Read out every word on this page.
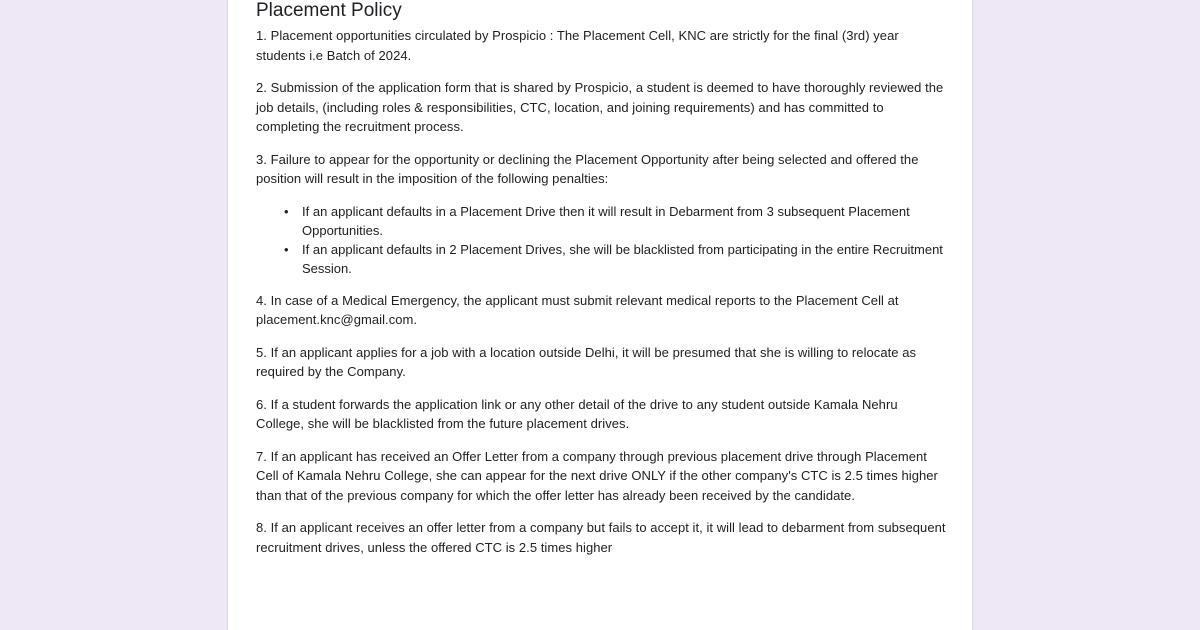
Placement Policy

1. Placement opportunities circulated by Prospicio : The Placement Cell, KNC are strictly for the final (3rd) year students i.e Batch of 2024.

2. Submission of the application form that is shared by Prospicio, a student is deemed to have thoroughly reviewed the job details, (including roles & responsibilities, CTC, location, and joining requirements) and has committed to completing the recruitment process.

3. Failure to appear for the opportunity or declining the Placement Opportunity after being selected and offered the position will result in the imposition of the following penalties:

• If an applicant defaults in a Placement Drive then it will result in Debarment from 3 subsequent Placement Opportunities.
• If an applicant defaults in 2 Placement Drives, she will be blacklisted from participating in the entire Recruitment Session.

4. In case of a Medical Emergency, the applicant must submit relevant medical reports to the Placement Cell at placement.knc@gmail.com.

5. If an applicant applies for a job with a location outside Delhi, it will be presumed that she is willing to relocate as required by the Company.

6. If a student forwards the application link or any other detail of the drive to any student outside Kamala Nehru College, she will be blacklisted from the future placement drives.

7. If an applicant has received an Offer Letter from a company through previous placement drive through Placement Cell of Kamala Nehru College, she can appear for the next drive ONLY if the other company's CTC is 2.5 times higher than that of the previous company for which the offer letter has already been received by the candidate.

8. If an applicant receives an offer letter from a company but fails to accept it, it will lead to debarment from subsequent recruitment drives, unless the offered CTC is 2.5 times higher
